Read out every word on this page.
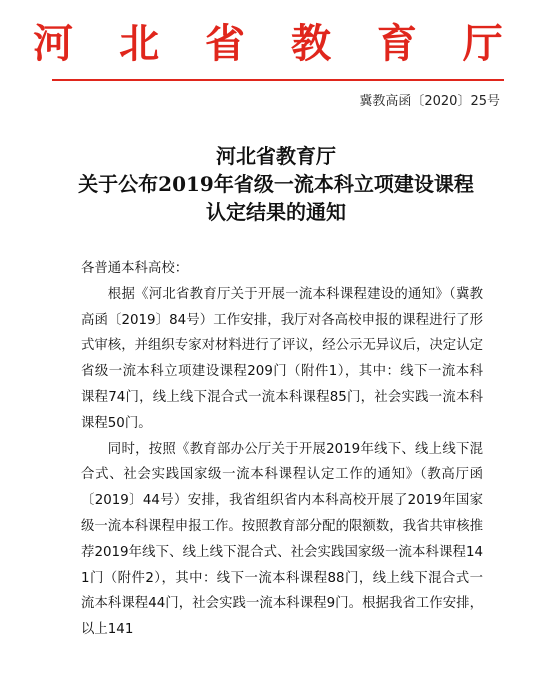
河 北 省 教 育 厅
冀教高函〔2020〕25号
河北省教育厅
关于公布2019年省级一流本科立项建设课程
认定结果的通知

各普通本科高校：

根据《河北省教育厅关于开展一流本科课程建设的通知》（冀教高函〔2019〕84号）工作安排，我厅对各高校申报的课程进行了形式审核，并组织专家对材料进行了评议，经公示无异议后，决定认定省级一流本科立项建设课程209门（附件1），其中：线下一流本科课程74门，线上线下混合式一流本科课程85门，社会实践一流本科课程50门。

同时，按照《教育部办公厅关于开展2019年线下、线上线下混合式、社会实践国家级一流本科课程认定工作的通知》（教高厅函〔2019〕44号）安排，我省组织省内本科高校开展了2019年国家级一流本科课程申报工作。按照教育部分配的限额数，我省共审核推荐2019年线下、线上线下混合式、社会实践国家级一流本科课程141门（附件2），其中：线下一流本科课程88门，线上线下混合式一流本科课程44门，社会实践一流本科课程9门。根据我省工作安排，以上141
